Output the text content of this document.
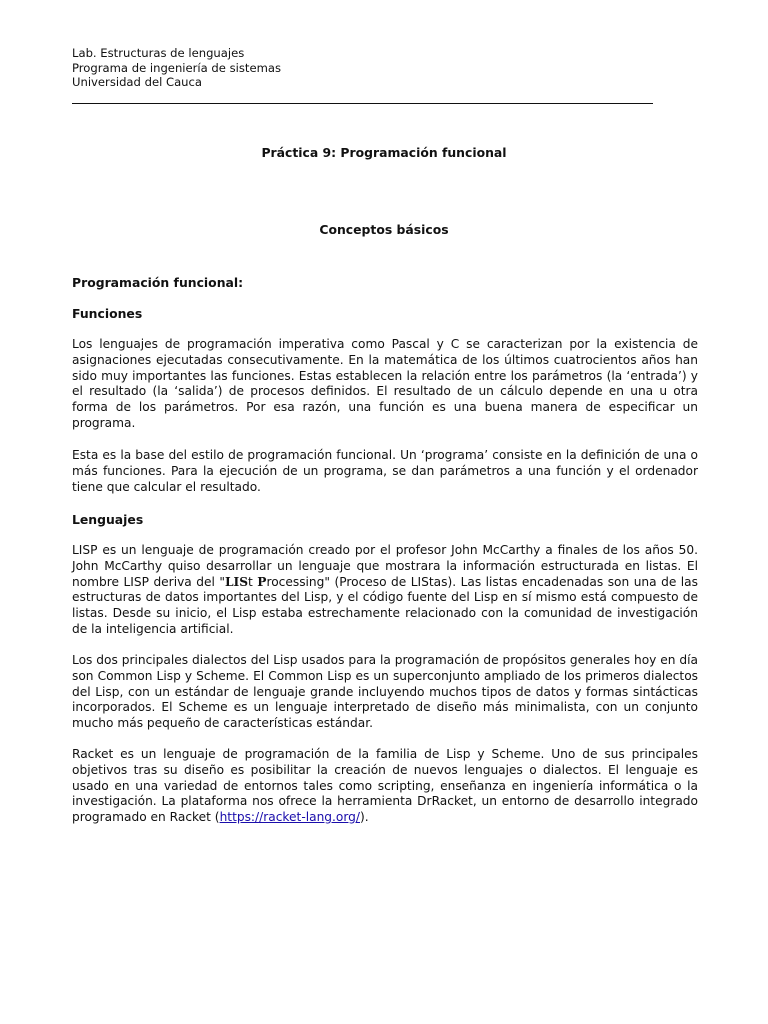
Lab. Estructuras de lenguajes
Programa de ingeniería de sistemas
Universidad del Cauca
Práctica 9: Programación funcional
Conceptos básicos
Programación funcional:
Funciones

Los lenguajes de programación imperativa como Pascal y C se caracterizan por la existencia de asignaciones ejecutadas consecutivamente. En la matemática de los últimos cuatrocientos años han sido muy importantes las funciones. Estas establecen la relación entre los parámetros (la ‘entrada’) y el resultado (la ‘salida’) de procesos definidos. El resultado de un cálculo depende en una u otra forma de los parámetros. Por esa razón, una función es una buena manera de especificar un programa.

Esta es la base del estilo de programación funcional. Un ‘programa’ consiste en la definición de una o más funciones. Para la ejecución de un programa, se dan parámetros a una función y el ordenador tiene que calcular el resultado.

Lenguajes

LISP es un lenguaje de programación creado por el profesor John McCarthy a finales de los años 50. John McCarthy quiso desarrollar un lenguaje que mostrara la información estructurada en listas. El nombre LISP deriva del "LISt Processing" (Proceso de LIStas). Las listas encadenadas son una de las estructuras de datos importantes del Lisp, y el código fuente del Lisp en sí mismo está compuesto de listas. Desde su inicio, el Lisp estaba estrechamente relacionado con la comunidad de investigación de la inteligencia artificial.

Los dos principales dialectos del Lisp usados para la programación de propósitos generales hoy en día son Common Lisp y Scheme. El Common Lisp es un superconjunto ampliado de los primeros dialectos del Lisp, con un estándar de lenguaje grande incluyendo muchos tipos de datos y formas sintácticas incorporados. El Scheme es un lenguaje interpretado de diseño más minimalista, con un conjunto mucho más pequeño de características estándar.

Racket es un lenguaje de programación de la familia de Lisp y Scheme. Uno de sus principales objetivos tras su diseño es posibilitar la creación de nuevos lenguajes o dialectos. El lenguaje es usado en una variedad de entornos tales como scripting, enseñanza en ingeniería informática o la investigación. La plataforma nos ofrece la herramienta DrRacket, un entorno de desarrollo integrado programado en Racket (https://racket-lang.org/).
